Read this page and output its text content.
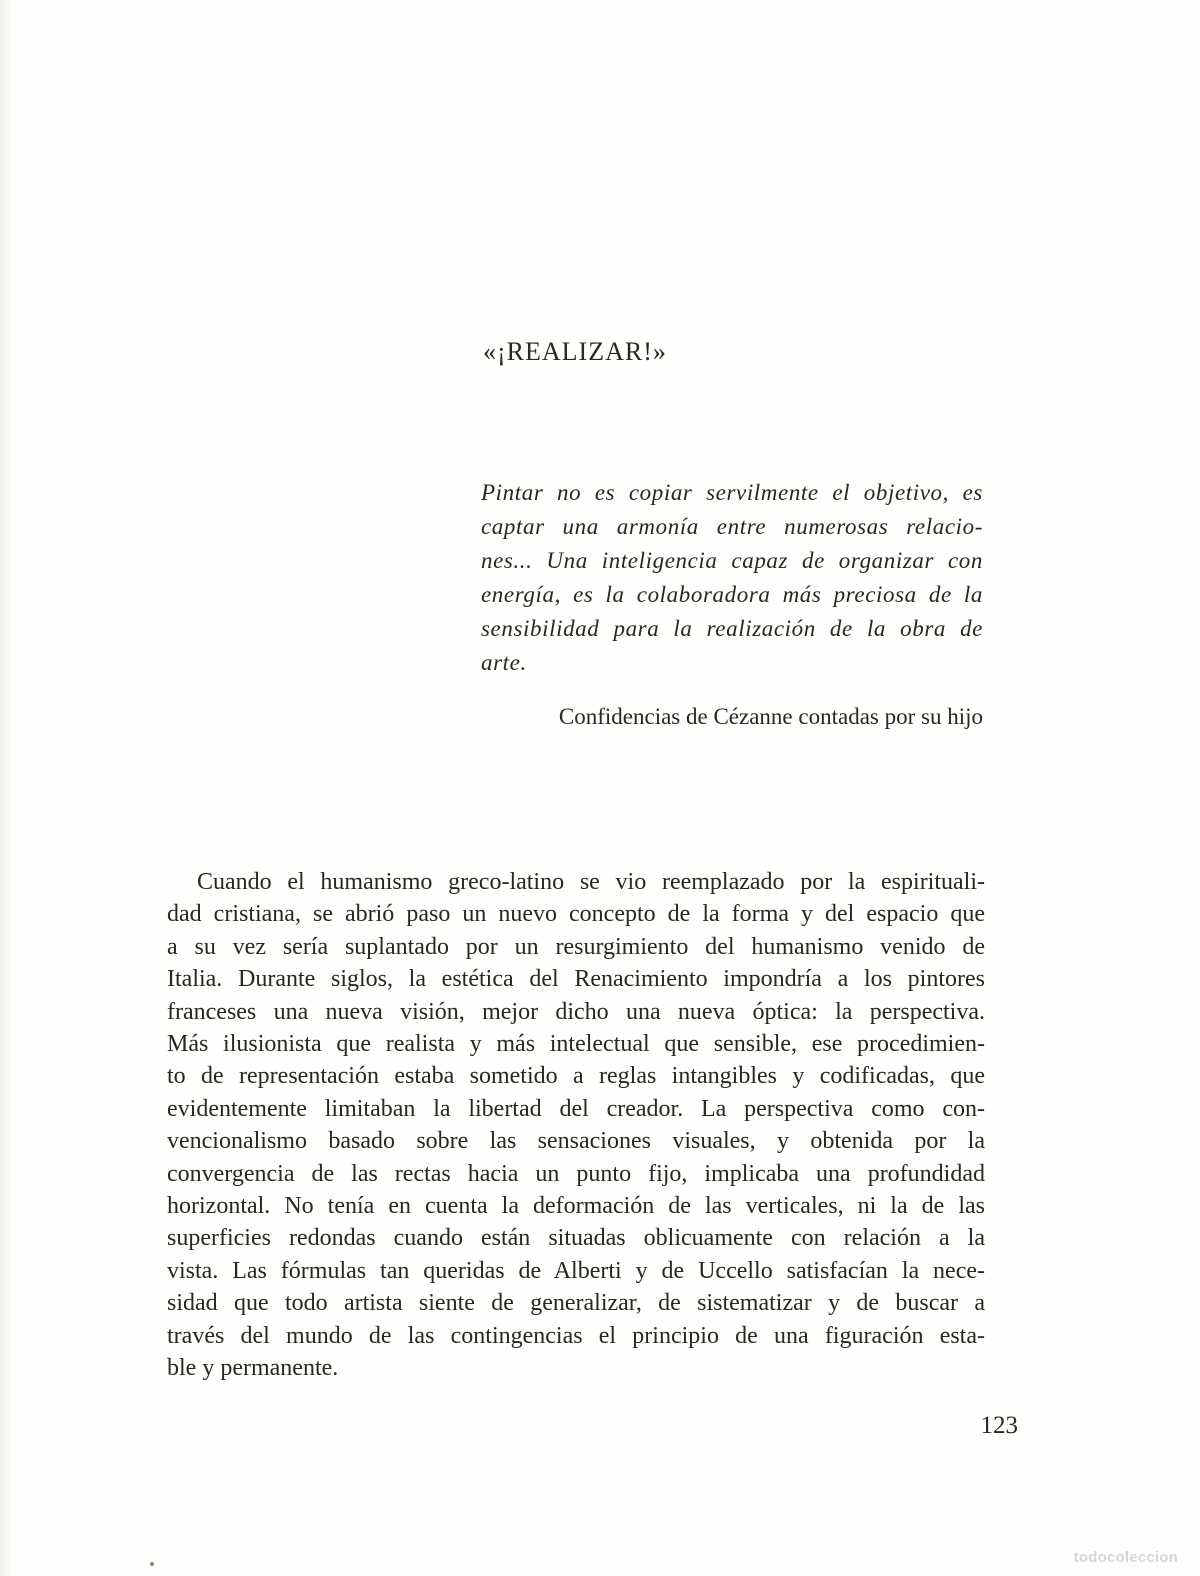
«¡REALIZAR!»
Pintar no es copiar servilmente el objetivo, es
captar una armonía entre numerosas relacio-
nes... Una inteligencia capaz de organizar con
energía, es la colaboradora más preciosa de la
sensibilidad para la realización de la obra de
arte.

Confidencias de Cézanne contadas por su hijo

Cuando el humanismo greco-latino se vio reemplazado por la espirituali-
dad cristiana, se abrió paso un nuevo concepto de la forma y del espacio que
a su vez sería suplantado por un resurgimiento del humanismo venido de
Italia. Durante siglos, la estética del Renacimiento impondría a los pintores
franceses una nueva visión, mejor dicho una nueva óptica: la perspectiva.
Más ilusionista que realista y más intelectual que sensible, ese procedimien-
to de representación estaba sometido a reglas intangibles y codificadas, que
evidentemente limitaban la libertad del creador. La perspectiva como con-
vencionalismo basado sobre las sensaciones visuales, y obtenida por la
convergencia de las rectas hacia un punto fijo, implicaba una profundidad
horizontal. No tenía en cuenta la deformación de las verticales, ni la de las
superficies redondas cuando están situadas oblicuamente con relación a la
vista. Las fórmulas tan queridas de Alberti y de Uccello satisfacían la nece-
sidad que todo artista siente de generalizar, de sistematizar y de buscar a
través del mundo de las contingencias el principio de una figuración esta-
ble y permanente.

123

todocoleccion
